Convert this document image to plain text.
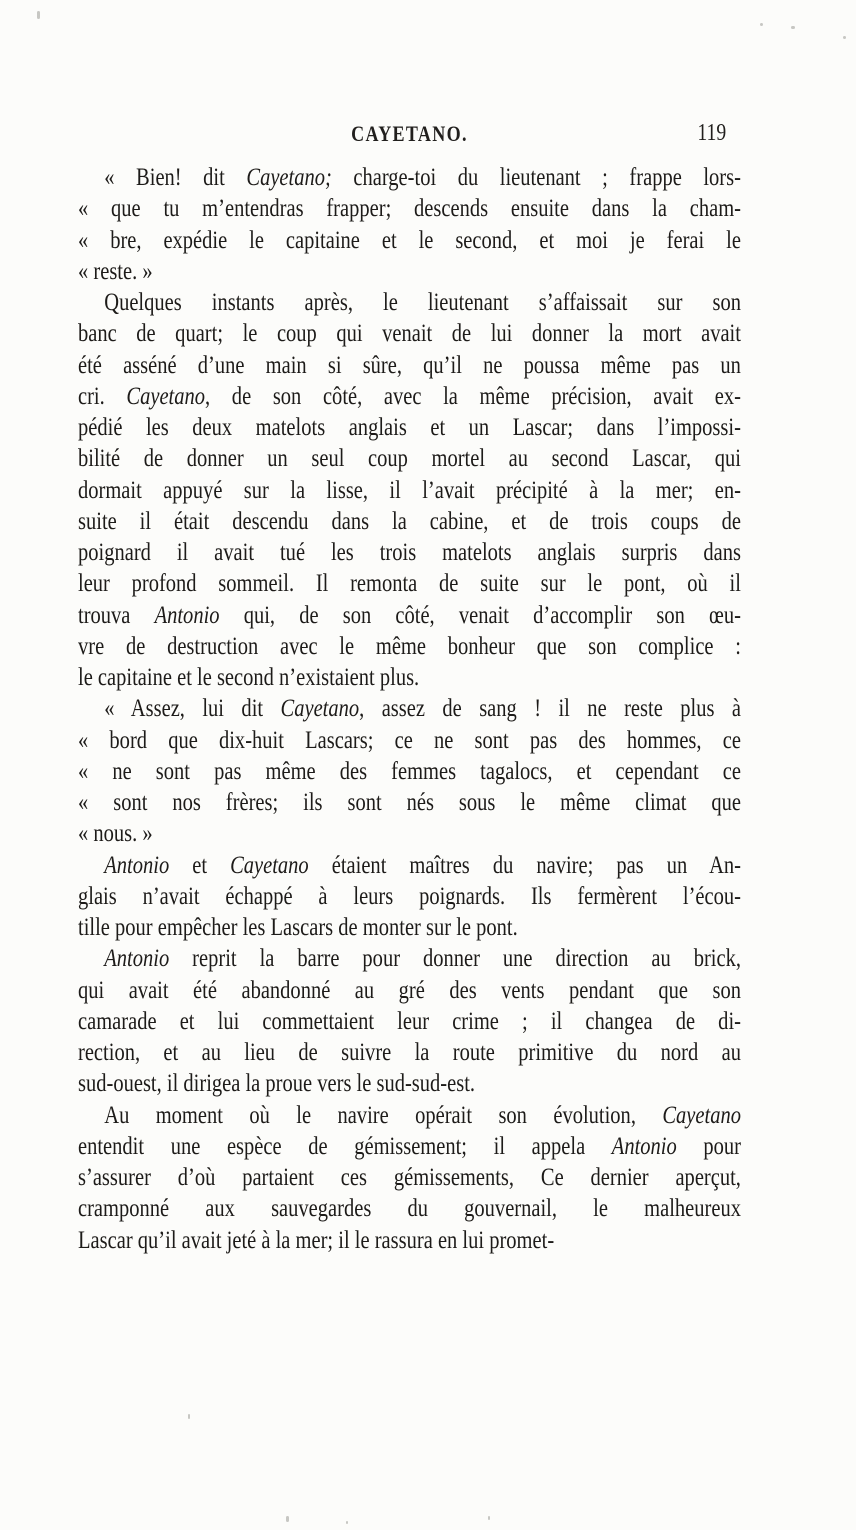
CAYETANO.	119
« Bien! dit Cayetano; charge-toi du lieutenant ; frappe lors-
« que tu m’entendras frapper; descends ensuite dans la cham-
« bre, expédie le capitaine et le second, et moi je ferai le
« reste. »
Quelques instants après, le lieutenant s’affaissait sur son
banc de quart; le coup qui venait de lui donner la mort avait
été asséné d’une main si sûre, qu’il ne poussa même pas un
cri. Cayetano, de son côté, avec la même précision, avait ex-
pédié les deux matelots anglais et un Lascar; dans l’impossi-
bilité de donner un seul coup mortel au second Lascar, qui
dormait appuyé sur la lisse, il l’avait précipité à la mer; en-
suite il était descendu dans la cabine, et de trois coups de
poignard il avait tué les trois matelots anglais surpris dans
leur profond sommeil. Il remonta de suite sur le pont, où il
trouva Antonio qui, de son côté, venait d’accomplir son œu-
vre de destruction avec le même bonheur que son complice :
le capitaine et le second n’existaient plus.
« Assez, lui dit Cayetano, assez de sang ! il ne reste plus à
« bord que dix-huit Lascars; ce ne sont pas des hommes, ce
« ne sont pas même des femmes tagalocs, et cependant ce
« sont nos frères; ils sont nés sous le même climat que
« nous. »
Antonio et Cayetano étaient maîtres du navire; pas un An-
glais n’avait échappé à leurs poignards. Ils fermèrent l’écou-
tille pour empêcher les Lascars de monter sur le pont.
Antonio reprit la barre pour donner une direction au brick,
qui avait été abandonné au gré des vents pendant que son
camarade et lui commettaient leur crime ; il changea de di-
rection, et au lieu de suivre la route primitive du nord au
sud-ouest, il dirigea la proue vers le sud-sud-est.
Au moment où le navire opérait son évolution, Cayetano
entendit une espèce de gémissement; il appela Antonio pour
s’assurer d’où partaient ces gémissements, Ce dernier aperçut,
cramponné aux sauvegardes du gouvernail, le malheureux
Lascar qu’il avait jeté à la mer; il le rassura en lui promet-
